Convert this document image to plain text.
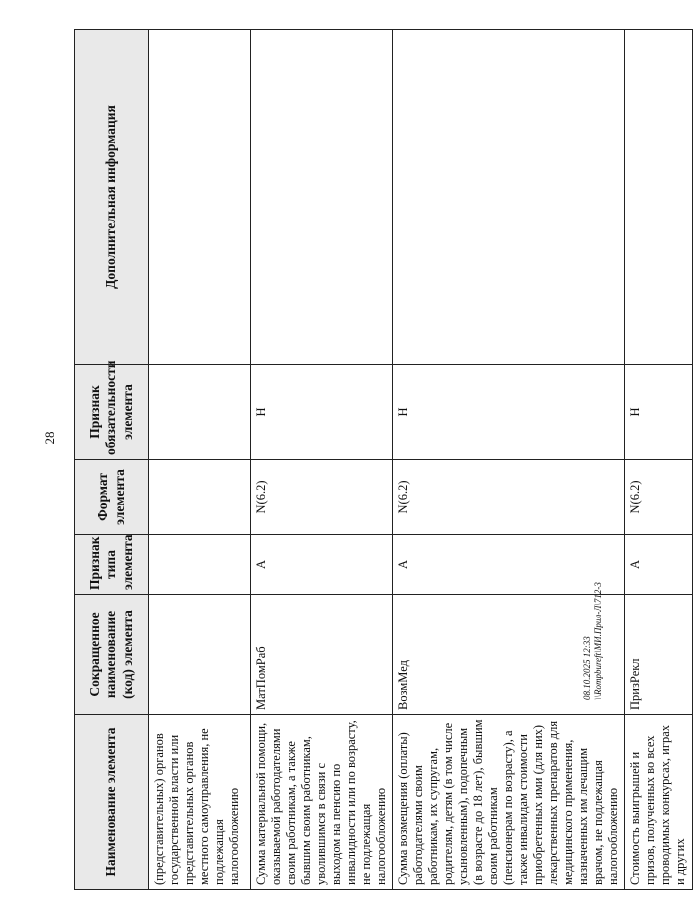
28
Наименование элемента	Сокращенное наименование (код) элемента	Признак типа элемента	Формат элемента	Признак обязательности элемента	Дополнительная информация
(представительных) органов государственной власти или представительных органов местного самоуправления, не подлежащая налогообложению					
Сумма материальной помощи, оказываемой работодателями своим работникам, а также бывшим своим работникам, уволившимся в связи с выходом на пенсию по инвалидности или по возрасту, не подлежащая налогообложению	МатПомРаб	А	N(6.2)	Н	
Сумма возмещения (оплаты) работодателями своим работникам, их супругам, родителям, детям (в том числе усыновленным), подопечным (в возрасте до 18 лет), бывшим своим работникам (пенсионерам по возрасту), а также инвалидам стоимости приобретенных ими (для них) лекарственных препаратов для медицинского применения, назначенных им лечащим врачом, не подлежащая налогообложению	ВозмМед	А	N(6.2)	Н	
Стоимость выигрышей и призов, полученных во всех проводимых конкурсах, играх и других	ПризРекл	А	N(6.2)	Н	
08.10.2025 12:33 \\Rompbureft\МИ.Прил-Л\712-3
